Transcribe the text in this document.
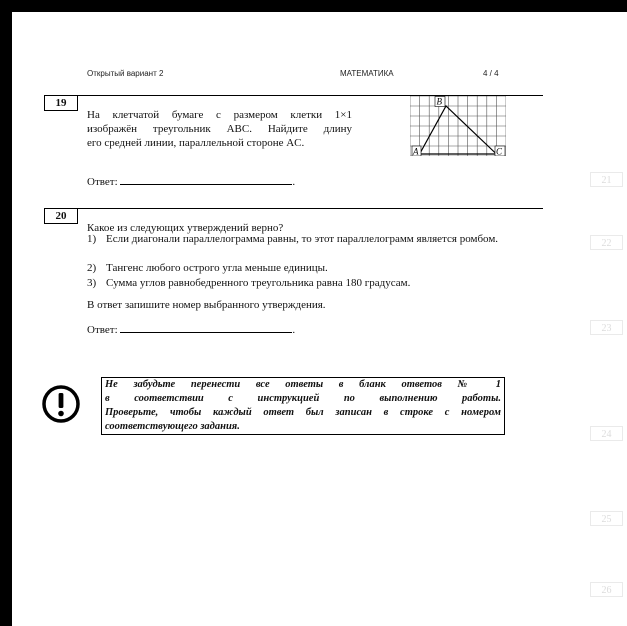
Открытый вариант 2	МАТЕМАТИКА	4 / 4
19
На клетчатой бумаге с размером клетки 1×1
изображён треугольник ABC. Найдите длину
его средней линии, параллельной стороне AC.
A
B
C
Ответ:	.
20
Какое из следующих утверждений верно?
1) Если диагонали параллелограмма равны, то этот параллелограмм является ромбом.
2) Тангенс любого острого угла меньше единицы.
3) Сумма углов равнобедренного треугольника равна 180 градусам.
В ответ запишите номер выбранного утверждения.
Ответ:	.
Не забудьте перенести все ответы в бланк ответов № 1
в соответствии с инструкцией по выполнению работы.
Проверьте, чтобы каждый ответ был записан в строке с номером
соответствующего задания.
21
22
23
24
25
26
